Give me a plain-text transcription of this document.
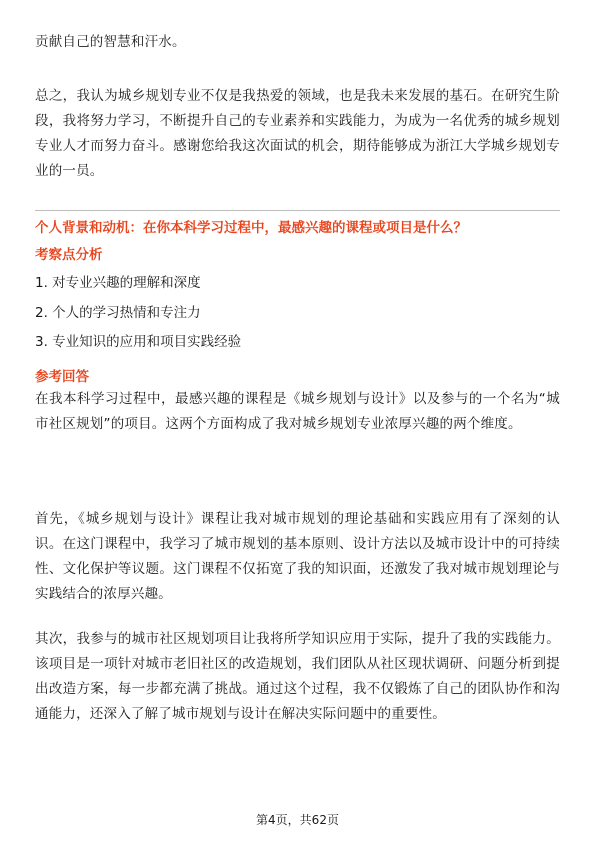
贡献自己的智慧和汗水。

总之，我认为城乡规划专业不仅是我热爱的领域，也是我未来发展的基石。在研究生阶段，我将努力学习，不断提升自己的专业素养和实践能力，为成为一名优秀的城乡规划专业人才而努力奋斗。感谢您给我这次面试的机会，期待能够成为浙江大学城乡规划专业的一员。

个人背景和动机：在你本科学习过程中，最感兴趣的课程或项目是什么？

考察点分析

1. 对专业兴趣的理解和深度

2. 个人的学习热情和专注力

3. 专业知识的应用和项目实践经验

参考回答

在我本科学习过程中，最感兴趣的课程是《城乡规划与设计》以及参与的一个名为“城市社区规划”的项目。这两个方面构成了我对城乡规划专业浓厚兴趣的两个维度。

首先，《城乡规划与设计》课程让我对城市规划的理论基础和实践应用有了深刻的认识。在这门课程中，我学习了城市规划的基本原则、设计方法以及城市设计中的可持续性、文化保护等议题。这门课程不仅拓宽了我的知识面，还激发了我对城市规划理论与实践结合的浓厚兴趣。

其次，我参与的城市社区规划项目让我将所学知识应用于实际，提升了我的实践能力。该项目是一项针对城市老旧社区的改造规划，我们团队从社区现状调研、问题分析到提出改造方案，每一步都充满了挑战。通过这个过程，我不仅锻炼了自己的团队协作和沟通能力，还深入了解了城市规划与设计在解决实际问题中的重要性。

第4页，共62页
